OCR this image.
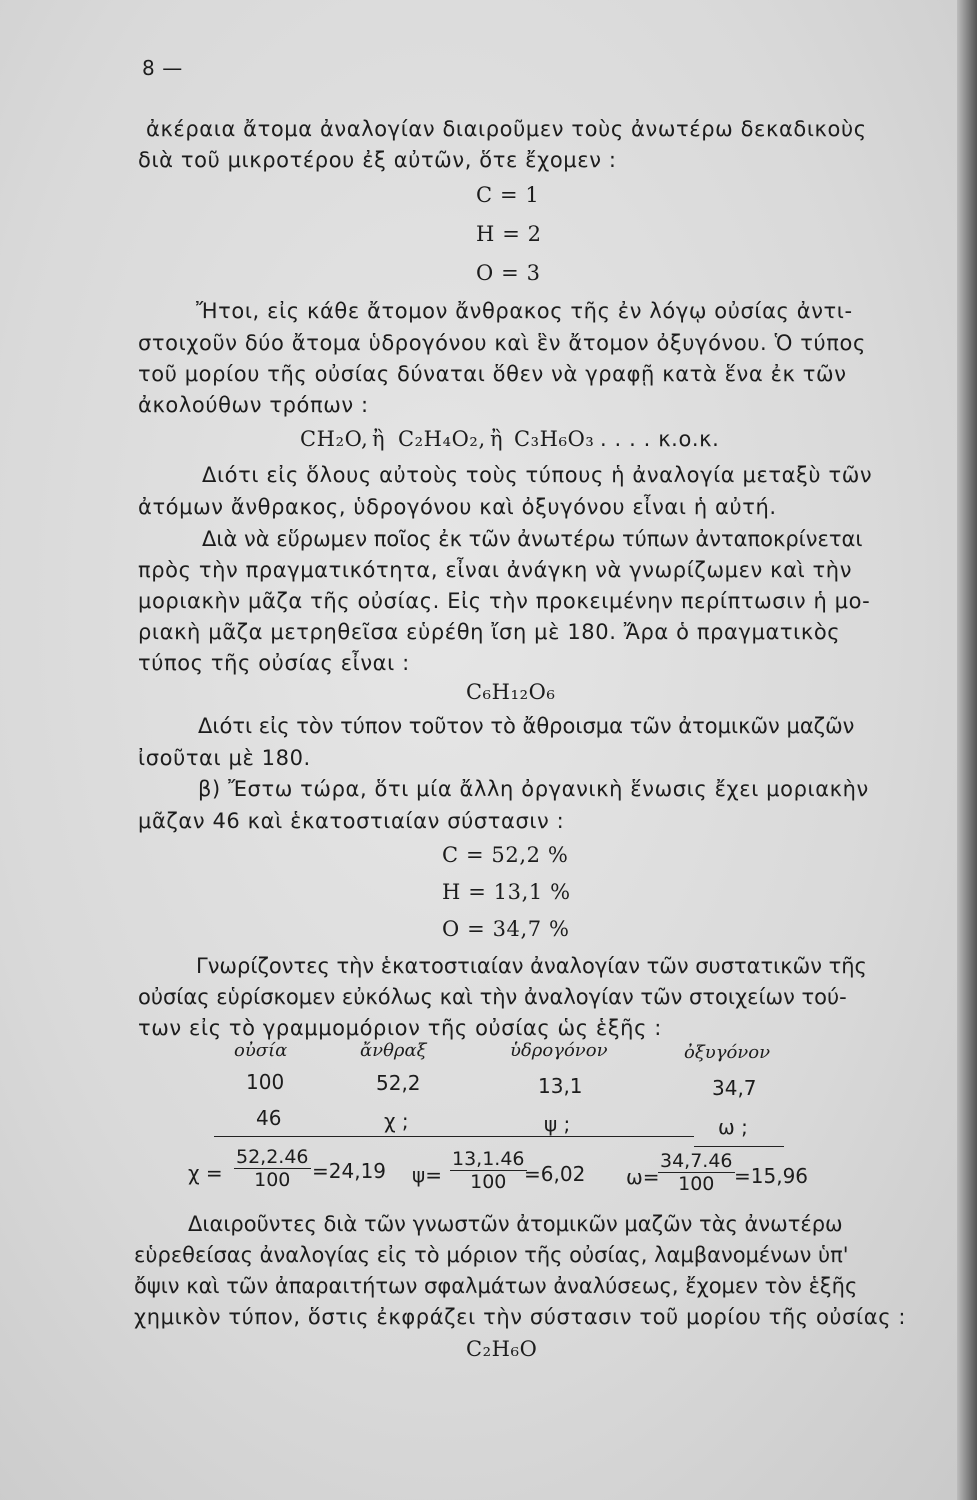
8 —
ἀκέραια ἄτομα ἀναλογίαν διαιροῦμεν τοὺς ἀνωτέρω δεκαδικοὺς
διὰ τοῦ μικροτέρου ἐξ αὐτῶν, ὅτε ἔχομεν :
C = 1
H = 2
O = 3
Ἤτοι, εἰς κάθε ἄτομον ἄνθρακος τῆς ἐν λόγῳ οὐσίας ἀντι-
στοιχοῦν δύο ἄτομα ὑδρογόνου καὶ ἓν ἄτομον ὀξυγόνου. Ὁ τύπος
τοῦ μορίου τῆς οὐσίας δύναται ὅθεν νὰ γραφῇ κατὰ ἕνα ἐκ τῶν
ἀκολούθων τρόπων :
CH₂O, ἢ C₂H₄O₂, ἢ C₃H₆O₃ . . . . κ.ο.κ.
Διότι εἰς ὅλους αὐτοὺς τοὺς τύπους ἡ ἀναλογία μεταξὺ τῶν
ἀτόμων ἄνθρακος, ὑδρογόνου καὶ ὀξυγόνου εἶναι ἡ αὐτή.
Διὰ νὰ εὕρωμεν ποῖος ἐκ τῶν ἀνωτέρω τύπων ἀνταποκρίνεται
πρὸς τὴν πραγματικότητα, εἶναι ἀνάγκη νὰ γνωρίζωμεν καὶ τὴν
μοριακὴν μᾶζα τῆς οὐσίας. Εἰς τὴν προκειμένην περίπτωσιν ἡ μο-
ριακὴ μᾶζα μετρηθεῖσα εὑρέθη ἴση μὲ 180. Ἄρα ὁ πραγματικὸς
τύπος τῆς οὐσίας εἶναι :
C₆H₁₂O₆
Διότι εἰς τὸν τύπον τοῦτον τὸ ἄθροισμα τῶν ἀτομικῶν μαζῶν
ἰσοῦται μὲ 180.
β) Ἔστω τώρα, ὅτι μία ἄλλη ὀργανικὴ ἕνωσις ἔχει μοριακὴν
μᾶζαν 46 καὶ ἑκατοστιαίαν σύστασιν :
C = 52,2 %
H = 13,1 %
O = 34,7 %
Γνωρίζοντες τὴν ἑκατοστιαίαν ἀναλογίαν τῶν συστατικῶν τῆς
οὐσίας εὑρίσκομεν εὐκόλως καὶ τὴν ἀναλογίαν τῶν στοιχείων τού-
των εἰς τὸ γραμμομόριον τῆς οὐσίας ὡς ἑξῆς :
οὐσία	ἄνθραξ	ὑδρογόνον	ὀξυγόνον
100	52,2	13,1	34,7
46	χ ;	ψ ;	ω ;
$\chi = \frac{52,2.46}{100} =24,19$ $\psi= \frac{13,1.46}{100}$
=6,02 ω=
$\frac{34,7.46}{100} =15,96$
Διαιροῦντες διὰ τῶν γνωστῶν ἀτομικῶν μαζῶν τὰς ἀνωτέρω
εὑρεθείσας ἀναλογίας εἰς τὸ μόριον τῆς οὐσίας, λαμβανομένων ὑπ'
ὄψιν καὶ τῶν ἀπαραιτήτων σφαλμάτων ἀναλύσεως, ἔχομεν τὸν ἑξῆς
χημικὸν τύπον, ὅστις ἐκφράζει τὴν σύστασιν τοῦ μορίου τῆς οὐσίας :
C₂H₆O
